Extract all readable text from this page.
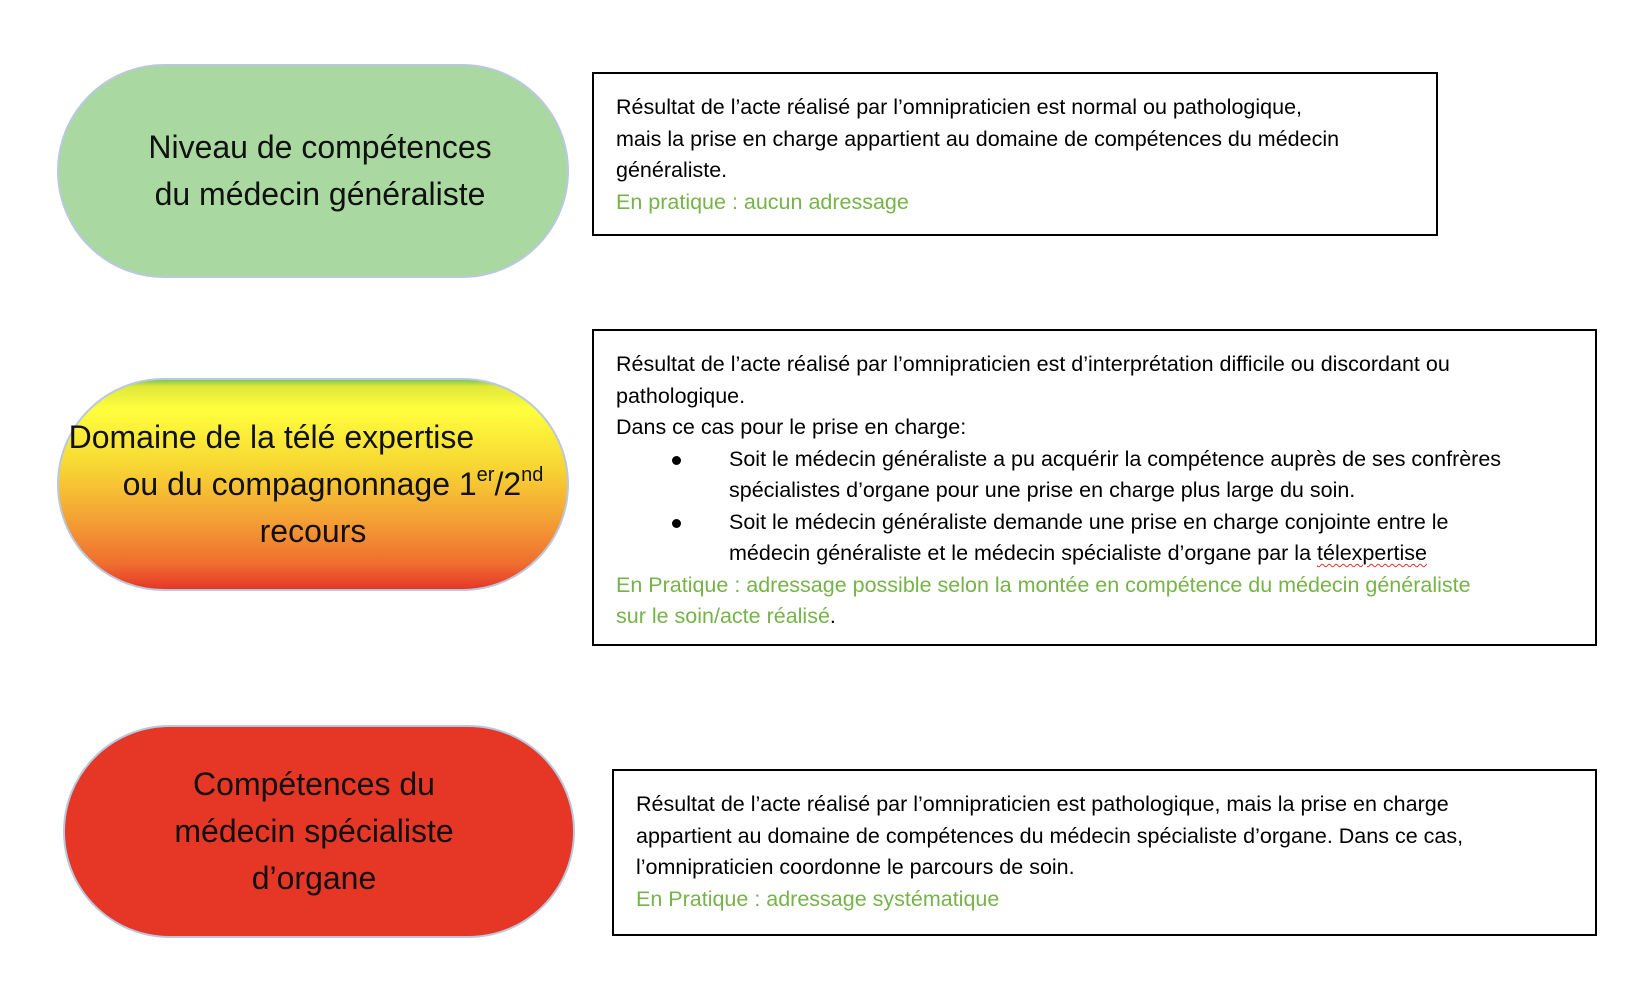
Niveau de compétences
du médecin généraliste
Domaine de la télé expertise
ou du compagnonnage 1er/2nd
recours
Compétences du
médecin spécialiste
d’organe

Résultat de l’acte réalisé par l’omnipraticien est normal ou pathologique,

mais la prise en charge appartient au domaine de compétences du médecin

généraliste.

En pratique : aucun adressage

Résultat de l’acte réalisé par l’omnipraticien est d’interprétation difficile ou discordant ou

pathologique.

Dans ce cas pour le prise en charge:

Soit le médecin généraliste a pu acquérir la compétence auprès de ses confrères
spécialistes d’organe pour une prise en charge plus large du soin.
Soit le médecin généraliste demande une prise en charge conjointe entre le
médecin généraliste et le médecin spécialiste d’organe par la télexpertise

En Pratique : adressage possible selon la montée en compétence du médecin généraliste

sur le soin/acte réalisé.

Résultat de l’acte réalisé par l’omnipraticien est pathologique, mais la prise en charge

appartient au domaine de compétences du médecin spécialiste d’organe. Dans ce cas,

l’omnipraticien coordonne le parcours de soin.

En Pratique : adressage systématique
